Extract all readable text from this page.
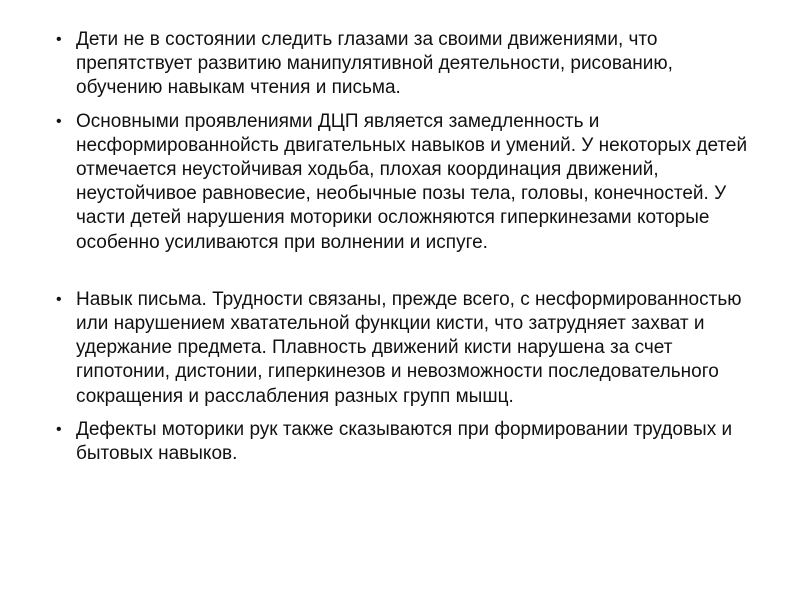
• Дети не в состоянии следить глазами за своими движениями, что препятствует развитию манипулятивной деятельности, рисованию, обучению навыкам чтения и письма.
• Основными проявлениями ДЦП является замедленность и несформированнойсть двигательных навыков и умений. У некоторых детей отмечается неустойчивая ходьба, плохая координация движений, неустойчивое равновесие, необычные позы тела, головы, конечностей. У части детей нарушения моторики осложняются гиперкинезами которые особенно усиливаются при волнении и испуге.
• Навык письма. Трудности связаны, прежде всего, с несформированностью или нарушением хватательной функции кисти, что затрудняет захват и удержание предмета. Плавность движений кисти нарушена за счет гипотонии, дистонии, гиперкинезов и невозможности последовательного сокращения и расслабления разных групп мышц.
• Дефекты моторики рук также сказываются при формировании трудовых и бытовых навыков.
